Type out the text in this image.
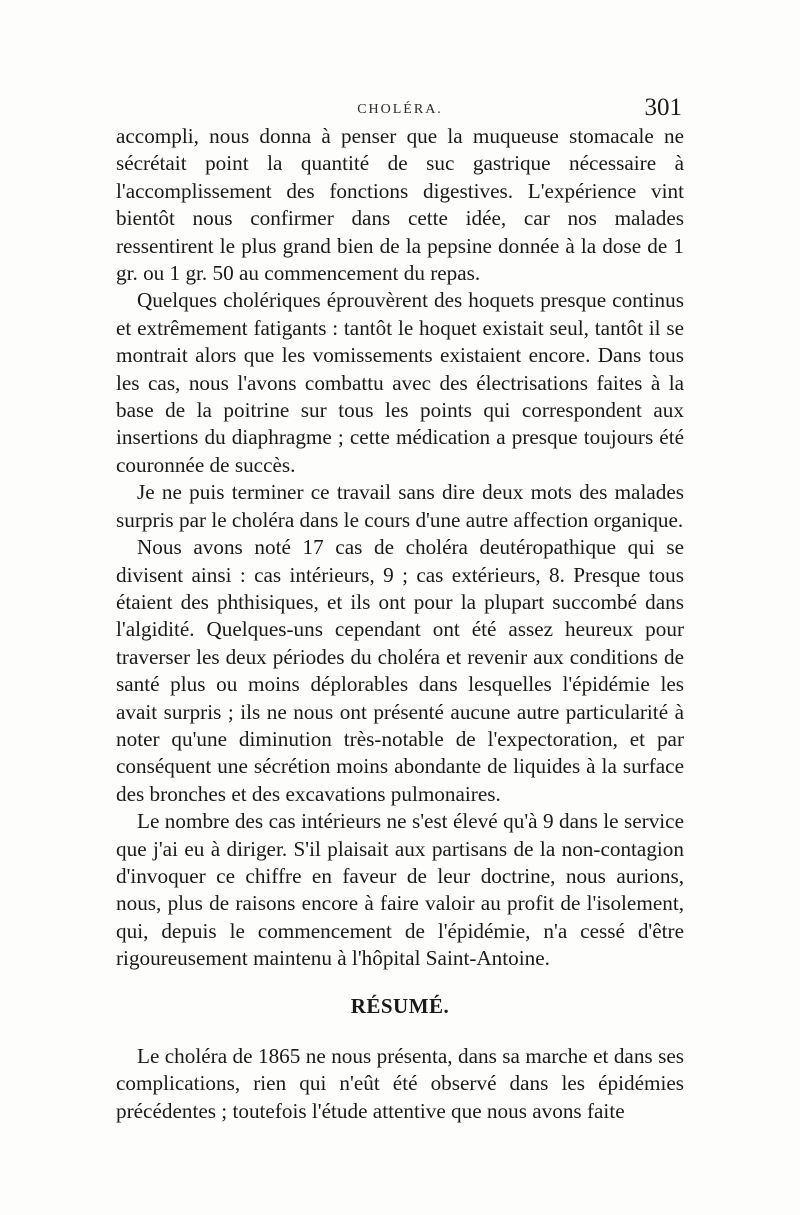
CHOLÉRA.	301

accompli, nous donna à penser que la muqueuse stomacale ne sécrétait point la quantité de suc gastrique nécessaire à l'accomplissement des fonctions digestives. L'expérience vint bientôt nous confirmer dans cette idée, car nos malades ressentirent le plus grand bien de la pepsine donnée à la dose de 1 gr. ou 1 gr. 50 au commencement du repas.

Quelques cholériques éprouvèrent des hoquets presque continus et extrêmement fatigants : tantôt le hoquet existait seul, tantôt il se montrait alors que les vomissements existaient encore. Dans tous les cas, nous l'avons combattu avec des électrisations faites à la base de la poitrine sur tous les points qui correspondent aux insertions du diaphragme ; cette médication a presque toujours été couronnée de succès.

Je ne puis terminer ce travail sans dire deux mots des malades surpris par le choléra dans le cours d'une autre affection organique.

Nous avons noté 17 cas de choléra deutéropathique qui se divisent ainsi : cas intérieurs, 9 ; cas extérieurs, 8. Presque tous étaient des phthisiques, et ils ont pour la plupart succombé dans l'algidité. Quelques-uns cependant ont été assez heureux pour traverser les deux périodes du choléra et revenir aux conditions de santé plus ou moins déplorables dans lesquelles l'épidémie les avait surpris ; ils ne nous ont présenté aucune autre particularité à noter qu'une diminution très-notable de l'expectoration, et par conséquent une sécrétion moins abondante de liquides à la surface des bronches et des excavations pulmonaires.

Le nombre des cas intérieurs ne s'est élevé qu'à 9 dans le service que j'ai eu à diriger. S'il plaisait aux partisans de la non-contagion d'invoquer ce chiffre en faveur de leur doctrine, nous aurions, nous, plus de raisons encore à faire valoir au profit de l'isolement, qui, depuis le commencement de l'épidémie, n'a cessé d'être rigoureusement maintenu à l'hôpital Saint-Antoine.

RÉSUMÉ.

Le choléra de 1865 ne nous présenta, dans sa marche et dans ses complications, rien qui n'eût été observé dans les épidémies précédentes ; toutefois l'étude attentive que nous avons faite
